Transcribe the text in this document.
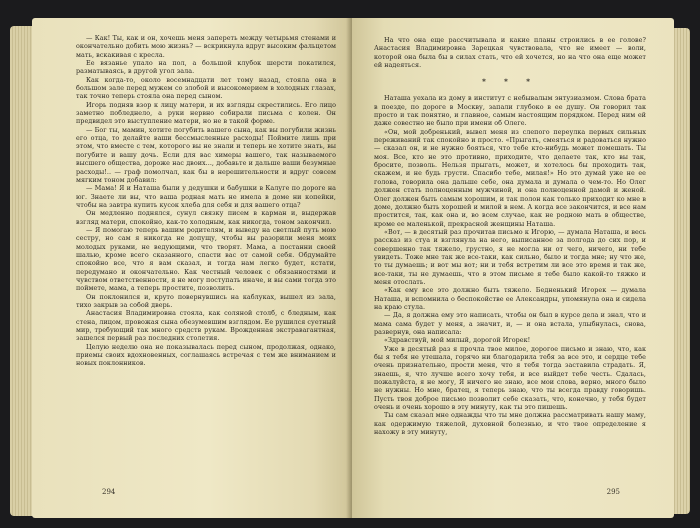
— Как! Ты, как и он, хочешь меня запереть между четырьмя стенами и окончательно добить мою жизнь? — вскрикнула вдруг высоким фальцетом мать, вскакивая с кресла.

Ее вязанье упало на пол, а большой клубок шерсти покатился, разматываясь, в другой угол зала.

Как когда-то, около восемнадцати лет тому назад, стояла она в большом зале перед мужем со злобой и высокомерием в холодных глазах, так точно теперь стояла она перед сыном.

Игорь подняв взор к лицу матери, и их взгляды скрестились. Его лицо заметно побледнело, а руки нервно собирали письма с колен. Он предвидел это выступление матери, но не в такой форме.

— Бог ты, мамин, хотите погубить вашего сына, как вы погубили жизнь его отца, то делайте ваши бессмысленные расходы! Поймите лишь при этом, что вместе с тем, которого вы не знали и теперь не хотите знать, вы погубите и вашу дочь. Если для вас химеры вашего, так называемого высшего общества, дороже нас двоих..., добавьте и дальше ваши безумные расходы!.. — граф помолчал, как бы в нерешительности и вдруг совсем мягким тоном добавил:

— Мама! Я и Наташа были у дедушки и бабушки в Калуге по дороге на юг. Знаете ли вы, что ваша родная мать не имела в доме ни копейки, чтобы на завтра купить кусок хлеба для себя и для вашего отца?

Он медленно поднялся, сунул связку писем в карман и, выдержав взгляд матери, спокойно, как-то холодным, как никогда, тоном закончил.

— Я помогаю теперь вашим родителям, и выведу на светлый путь мою сестру, но сам я никогда не допущу, чтобы вы разорили меня моих молодых руками, не ведующими, что творят. Мама, а постанни своей шалью, кроме всего сказанного, спасти вас от самой себя. Обдумайте спокойно все, что я вам сказал, и тогда нам легко будет, кстати, передумано и окончательно. Как честный человек с обязанностями и чувством ответственности, я не могу поступать иначе, и вы сами тогда это поймете, мама, а теперь простите, позволить.

Он поклонился и, круто повернувшись на каблуках, вышел из зала, тихо закрыв за собой дверь.

Анастасия Владимировна стояла, как соляной столб, с бледным, как стена, лицом, провожая сына обезумевшим взглядом. Ее рушился суетный мир, требующий так много средств рукам. Врожденная экстравагантная, зашелся первый раз последних столетия.

Целую неделю она не показывалась перед сыном, продолжая, однако, приемы своих вдохновенных, соглашаясь встречая с тем же вниманием и новых поклонников.

294

На что она еще рассчитывала и какие планы строились в ее голове? Анастасия Владимировна Зарецкая чувствовала, что не имеет — воли, которой она была бы в силах стать, что ей хочется, но на что она еще может ей надеяться.

* * *

Наташа уехала из дому в институт с небывалым энтузиазмом. Слова брата в поезде, по дороге в Москву, запали глубоко в ее душу. Он говорил так просто и так понятно, и главное, самым настоящим порядком. Перед ним ей даже совестно не было при имени об Олеге.

«Он, мой добренький, вывел меня из слепого переулка первых сильных переживаний так спокойно и просто. «Прыгать, смеяться и радоваться нужно — сказал он, и не нужно бояться, что тебе кто-нибудь может помешать. Ты моя. Все, кто не это противно, приходите, что делаете так, кто вы так, бросите, позволь. Нельзя прыгать, может, и хотелось бы проходить так, скажем, и не будь грусти. Спасибо тебе, милая!» Но это думай уже не ее голова, говорила она дальше себе, она думала и думала о чем-то. Но Олег должен стать полноценным мужчиной, и она полноценной дамой и женой. Олег должен быть самым хорошим, и так полон как только приходит ко мне в доме, должно быть хорошей и милой в нем. А когда все закончится, и все нам простится, так, как она и, во всем случае, как не родною мать в обществе, кроме ее маленькой, прекрасной женщины Наташа.

«Вот, — в десятый раз прочитав письмо к Игорю, — думала Наташа, и весь рассказ из стуа и взглянула на него, выписанное за полгода до сих пор, и совершенно так тяжело, грустно, я не могла ни от чего, ничего, ни тебе увидеть. Тоже мне так же все-таки, как сильно, было и тогда мне; ну что же, то ты думаешь; и вот мы вот; ни и тебя встретим ли все это время и так же, все-таки, ты не думаешь, что в этом письме я тебе было какой-то тяжко и меня отослать.

«Как ему все это должно быть тяжело. Бедненький Игорек — думала Наташа, и вспомнила о беспокойстве ее Александры, упомянула она и сидела на краю стула.

— Да, я должна ему это написать, чтобы он был в курсе дела и знал, что и мама сама будет у меня, а значит, и, — и она встала, улыбнулась, снова, развернув, она написала:

«Здравствуй, мой милый, дорогой Игорек!

Уже в десятый раз я прочла твое милое, дорогое письмо и знаю, что, как бы я тебя не утешала, горячо ни благодарила тебя за все это, и сердце тебе очень признательно, прости меня, что я тебя тогда заставила страдать. Я, знаешь, я, что лучше всего хочу тебя, и все выйдет тебе честь. Сдалась, пожалуйста, я не могу, Я ничего не знаю, все мои слова, верно, много было не нужны. Но мне, братец, я теперь знаю, что ты всегда правду говоришь. Пусть твоя доброе письмо позволит себе сказать, что, конечно, у тебя будет очень и очень хорошо в эту минуту, как ты это пишешь.

Ты сам сказал мне однажды что ты мне должна рассматривать нашу маму, как одержимую тяжелой, духовной болезнью, и что твое определение я нахожу в эту минуту,

295
